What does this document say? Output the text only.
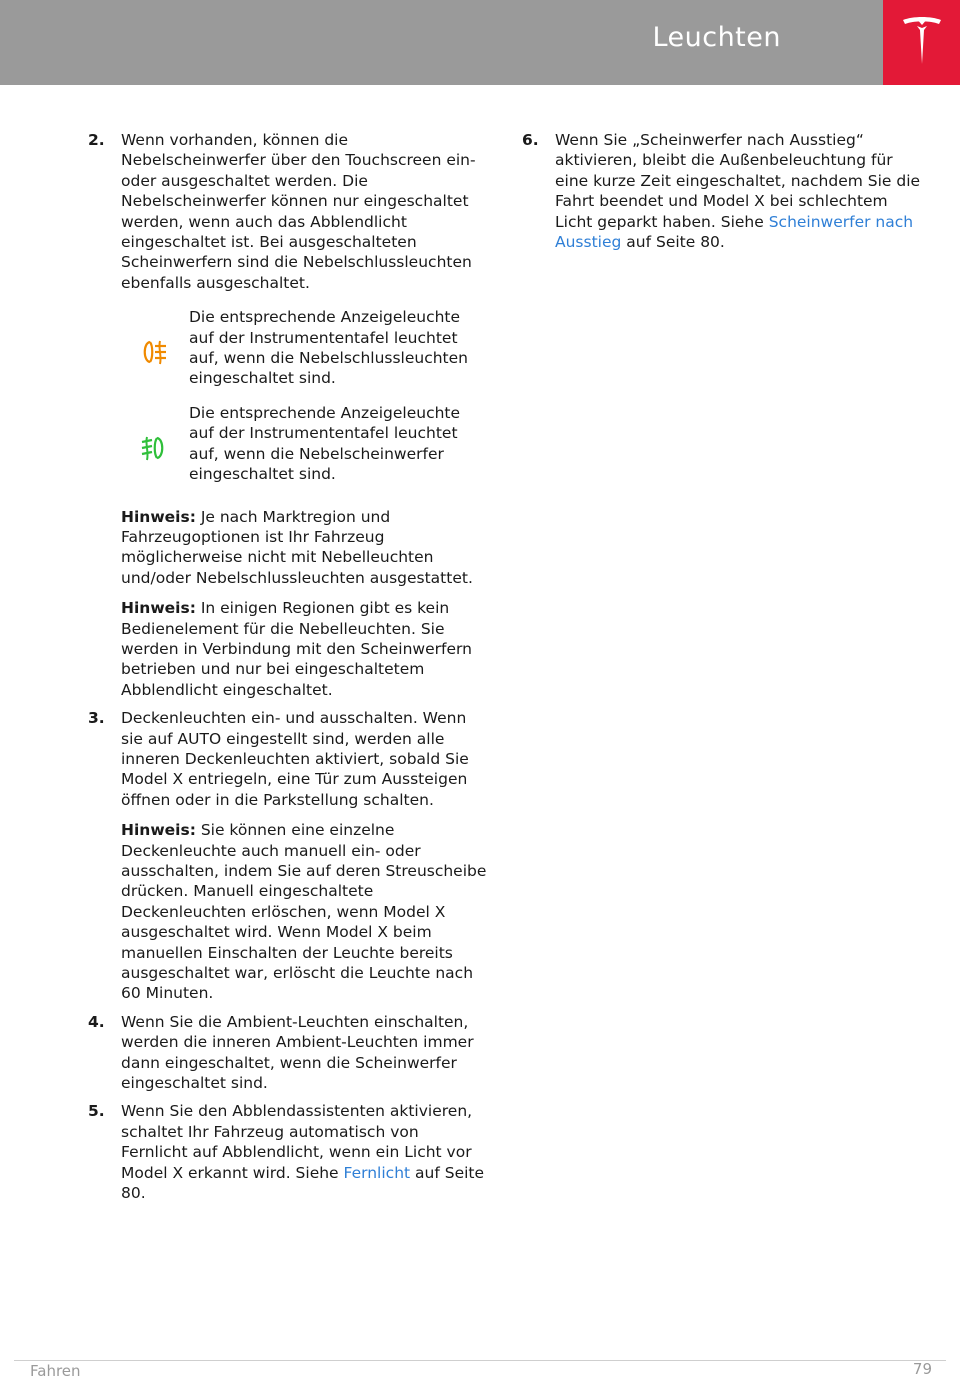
Leuchten
2. Wenn vorhanden, können die Nebelscheinwerfer über den Touchscreen ein- oder ausgeschaltet werden. Die Nebelscheinwerfer können nur eingeschaltet werden, wenn auch das Abblendlicht eingeschaltet ist. Bei ausgeschalteten Scheinwerfern sind die Nebelschlussleuchten ebenfalls ausgeschaltet.

Die entsprechende Anzeigeleuchte auf der Instrumententafel leuchtet auf, wenn die Nebelschlussleuchten eingeschaltet sind.

Die entsprechende Anzeigeleuchte auf der Instrumententafel leuchtet auf, wenn die Nebelscheinwerfer eingeschaltet sind.

Hinweis: Je nach Marktregion und Fahrzeugoptionen ist Ihr Fahrzeug möglicherweise nicht mit Nebelleuchten und/oder Nebelschlussleuchten ausgestattet.

Hinweis: In einigen Regionen gibt es kein Bedienelement für die Nebelleuchten. Sie werden in Verbindung mit den Scheinwerfern betrieben und nur bei eingeschaltetem Abblendlicht eingeschaltet.

3. Deckenleuchten ein- und ausschalten. Wenn sie auf AUTO eingestellt sind, werden alle inneren Deckenleuchten aktiviert, sobald Sie Model X entriegeln, eine Tür zum Aussteigen öffnen oder in die Parkstellung schalten.

Hinweis: Sie können eine einzelne Deckenleuchte auch manuell ein- oder ausschalten, indem Sie auf deren Streuscheibe drücken. Manuell eingeschaltete Deckenleuchten erlöschen, wenn Model X ausgeschaltet wird. Wenn Model X beim manuellen Einschalten der Leuchte bereits ausgeschaltet war, erlöscht die Leuchte nach 60 Minuten.

4. Wenn Sie die Ambient-Leuchten einschalten, werden die inneren Ambient-Leuchten immer dann eingeschaltet, wenn die Scheinwerfer eingeschaltet sind.

5. Wenn Sie den Abblendassistenten aktivieren, schaltet Ihr Fahrzeug automatisch von Fernlicht auf Abblendlicht, wenn ein Licht vor Model X erkannt wird. Siehe Fernlicht auf Seite 80.

6. Wenn Sie „Scheinwerfer nach Ausstieg“ aktivieren, bleibt die Außenbeleuchtung für eine kurze Zeit eingeschaltet, nachdem Sie die Fahrt beendet und Model X bei schlechtem Licht geparkt haben. Siehe Scheinwerfer nach Ausstieg auf Seite 80.

Fahren	79
